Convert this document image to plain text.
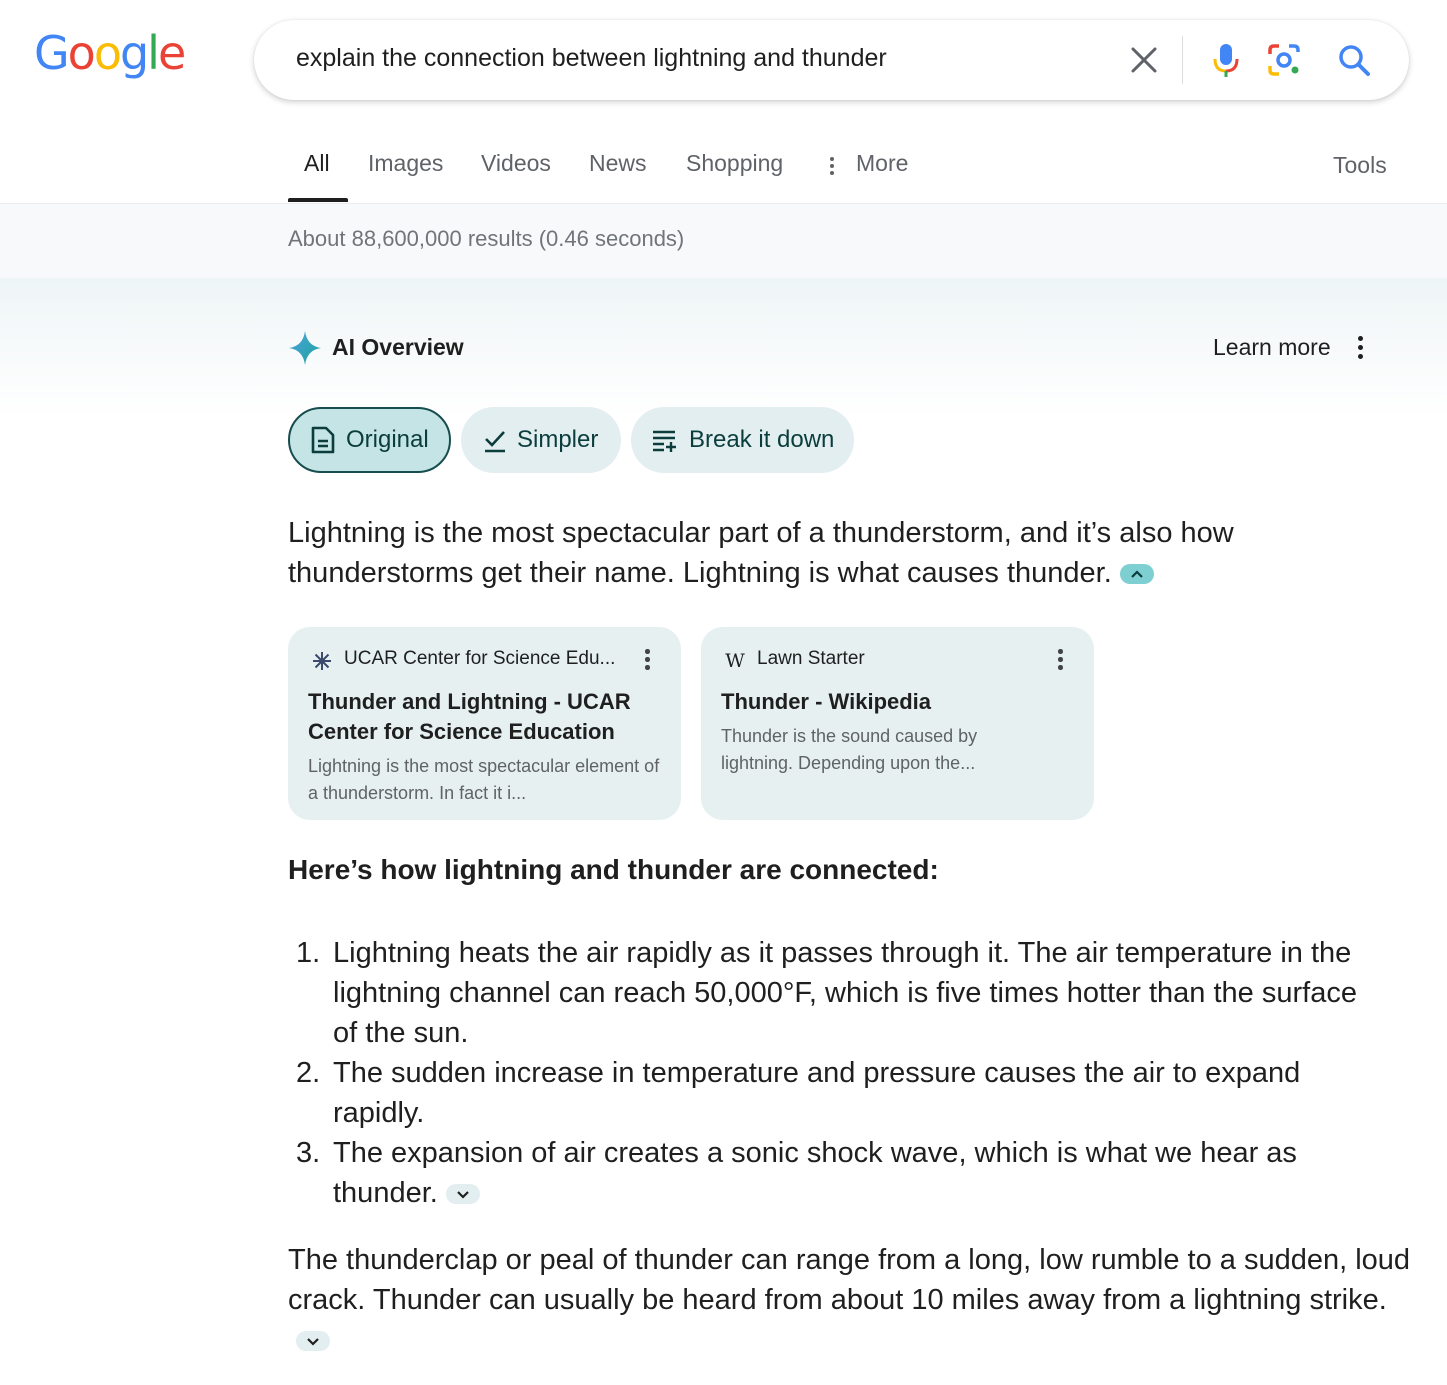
Google	explain the connection between lightning and thunder
All Images Videos News Shopping	More	Tools
About 88,600,000 results (0.46 seconds)
AI Overview	Learn more
Original	Simpler	Break it down
Lightning is the most spectacular part of a thunderstorm, and it’s also how thunderstorms get their name. Lightning is what causes thunder.
UCAR Center for Science Edu...
Thunder and Lightning - UCAR Center for Science Education
Lightning is the most spectacular element of a thunderstorm. In fact it i...
W Lawn Starter
Thunder - Wikipedia
Thunder is the sound caused by lightning. Depending upon the...
Here’s how lightning and thunder are connected:
1. Lightning heats the air rapidly as it passes through it. The air temperature in the lightning channel can reach 50,000°F, which is five times hotter than the surface of the sun.
2. The sudden increase in temperature and pressure causes the air to expand rapidly.
3. The expansion of air creates a sonic shock wave, which is what we hear as thunder.
The thunderclap or peal of thunder can range from a long, low rumble to a sudden, loud crack. Thunder can usually be heard from about 10 miles away from a lightning strike.
